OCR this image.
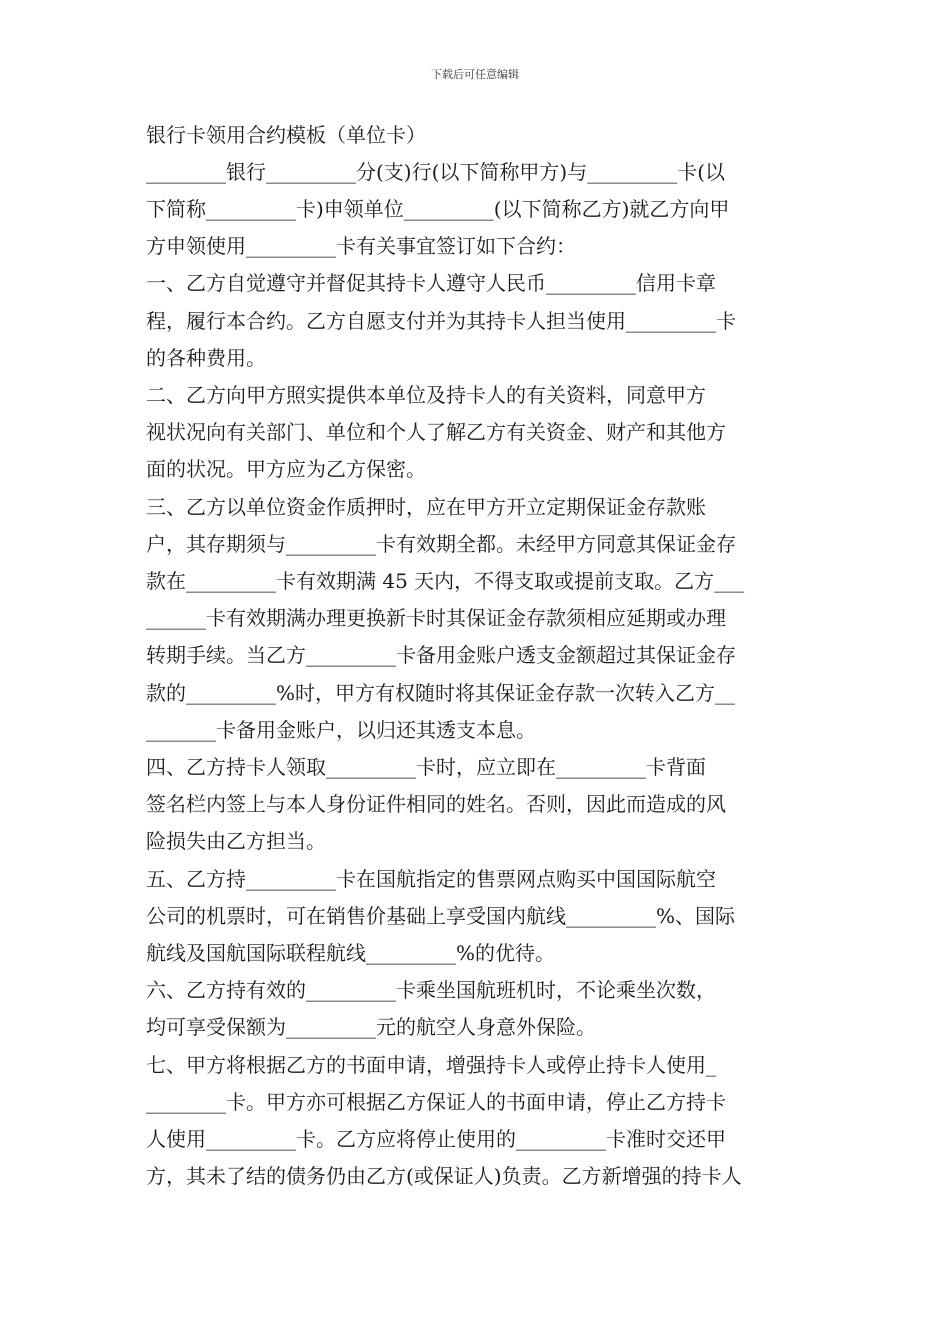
下载后可任意编辑
银行卡领用合约模板（单位卡）
________银行_________分(支)行(以下简称甲方)与_________卡(以
下简称_________卡)申领单位_________(以下简称乙方)就乙方向甲
方申领使用_________卡有关事宜签订如下合约：
一、乙方自觉遵守并督促其持卡人遵守人民币_________信用卡章
程，履行本合约。乙方自愿支付并为其持卡人担当使用_________卡
的各种费用。
二、乙方向甲方照实提供本单位及持卡人的有关资料，同意甲方
视状况向有关部门、单位和个人了解乙方有关资金、财产和其他方
面的状况。甲方应为乙方保密。
三、乙方以单位资金作质押时，应在甲方开立定期保证金存款账
户，其存期须与_________卡有效期全都。未经甲方同意其保证金存
款在_________卡有效期满 45 天内，不得支取或提前支取。乙方___
______卡有效期满办理更换新卡时其保证金存款须相应延期或办理
转期手续。当乙方_________卡备用金账户透支金额超过其保证金存
款的_________%时，甲方有权随时将其保证金存款一次转入乙方__
_______卡备用金账户，以归还其透支本息。
四、乙方持卡人领取_________卡时，应立即在_________卡背面
签名栏内签上与本人身份证件相同的姓名。否则，因此而造成的风
险损失由乙方担当。
五、乙方持_________卡在国航指定的售票网点购买中国国际航空
公司的机票时，可在销售价基础上享受国内航线_________%、国际
航线及国航国际联程航线_________%的优待。
六、乙方持有效的_________卡乘坐国航班机时，不论乘坐次数，
均可享受保额为_________元的航空人身意外保险。
七、甲方将根据乙方的书面申请，增强持卡人或停止持卡人使用_
________卡。甲方亦可根据乙方保证人的书面申请，停止乙方持卡
人使用_________卡。乙方应将停止使用的_________卡准时交还甲
方，其未了结的债务仍由乙方(或保证人)负责。乙方新增强的持卡人
